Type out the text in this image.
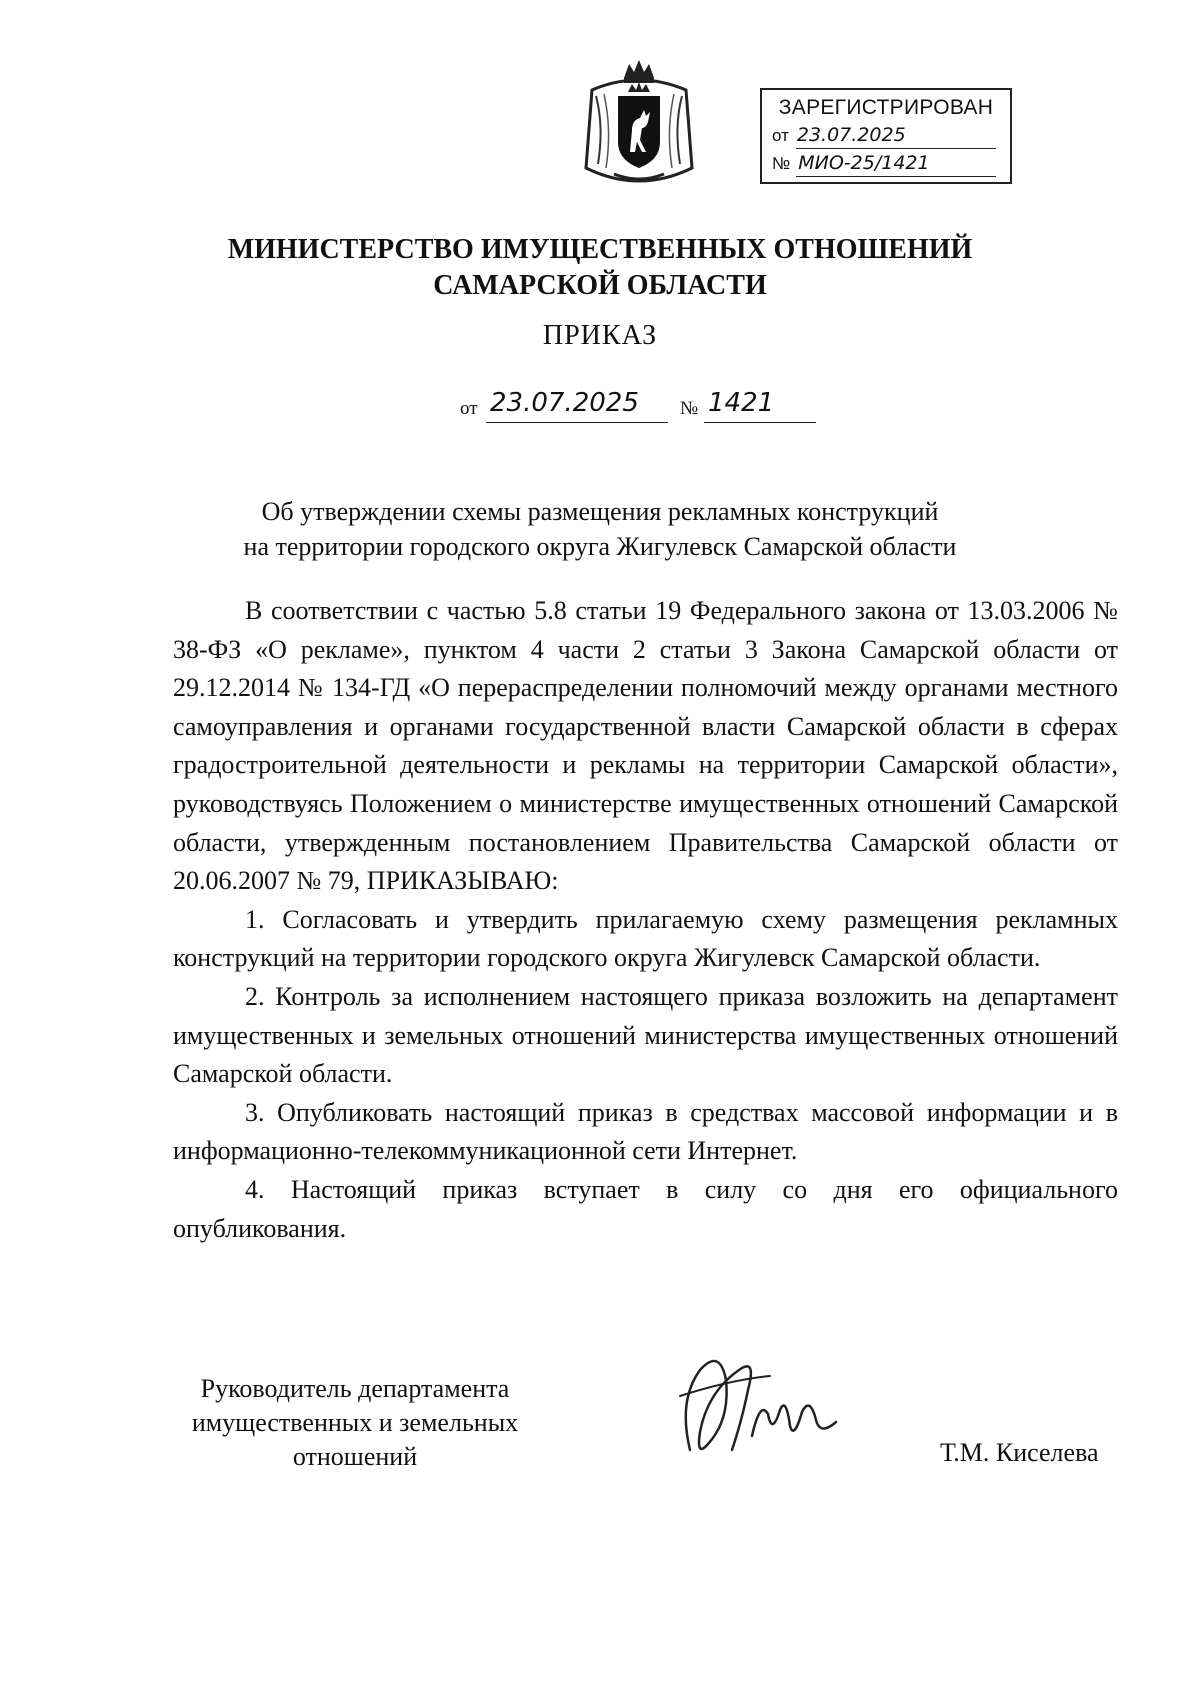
ЗАРЕГИСТРИРОВАН
от 23.07.2025
№ МИО-25/1421
МИНИСТЕРСТВО ИМУЩЕСТВЕННЫХ ОТНОШЕНИЙ
САМАРСКОЙ ОБЛАСТИ
ПРИКАЗ
от 23.07.2025 № 1421
Об утверждении схемы размещения рекламных конструкций
на территории городского округа Жигулевск Самарской области

В соответствии с частью 5.8 статьи 19 Федерального закона от 13.03.2006 № 38-ФЗ «О рекламе», пунктом 4 части 2 статьи 3 Закона Самарской области от 29.12.2014 № 134-ГД «О перераспределении полномочий между органами местного самоуправления и органами государственной власти Самарской области в сферах градостроительной деятельности и рекламы на территории Самарской области», руководствуясь Положением о министерстве имущественных отношений Самарской области, утвержденным постановлением Правительства Самарской области от 20.06.2007 № 79, ПРИКАЗЫВАЮ:

1. Согласовать и утвердить прилагаемую схему размещения рекламных конструкций на территории городского округа Жигулевск Самарской области.

2. Контроль за исполнением настоящего приказа возложить на департамент имущественных и земельных отношений министерства имущественных отношений Самарской области.

3. Опубликовать настоящий приказ в средствах массовой информации и в информационно-телекоммуникационной сети Интернет.

4. Настоящий приказ вступает в силу со дня его официального опубликования.

Руководитель департамента
имущественных и земельных
отношений	Т.М. Киселева
